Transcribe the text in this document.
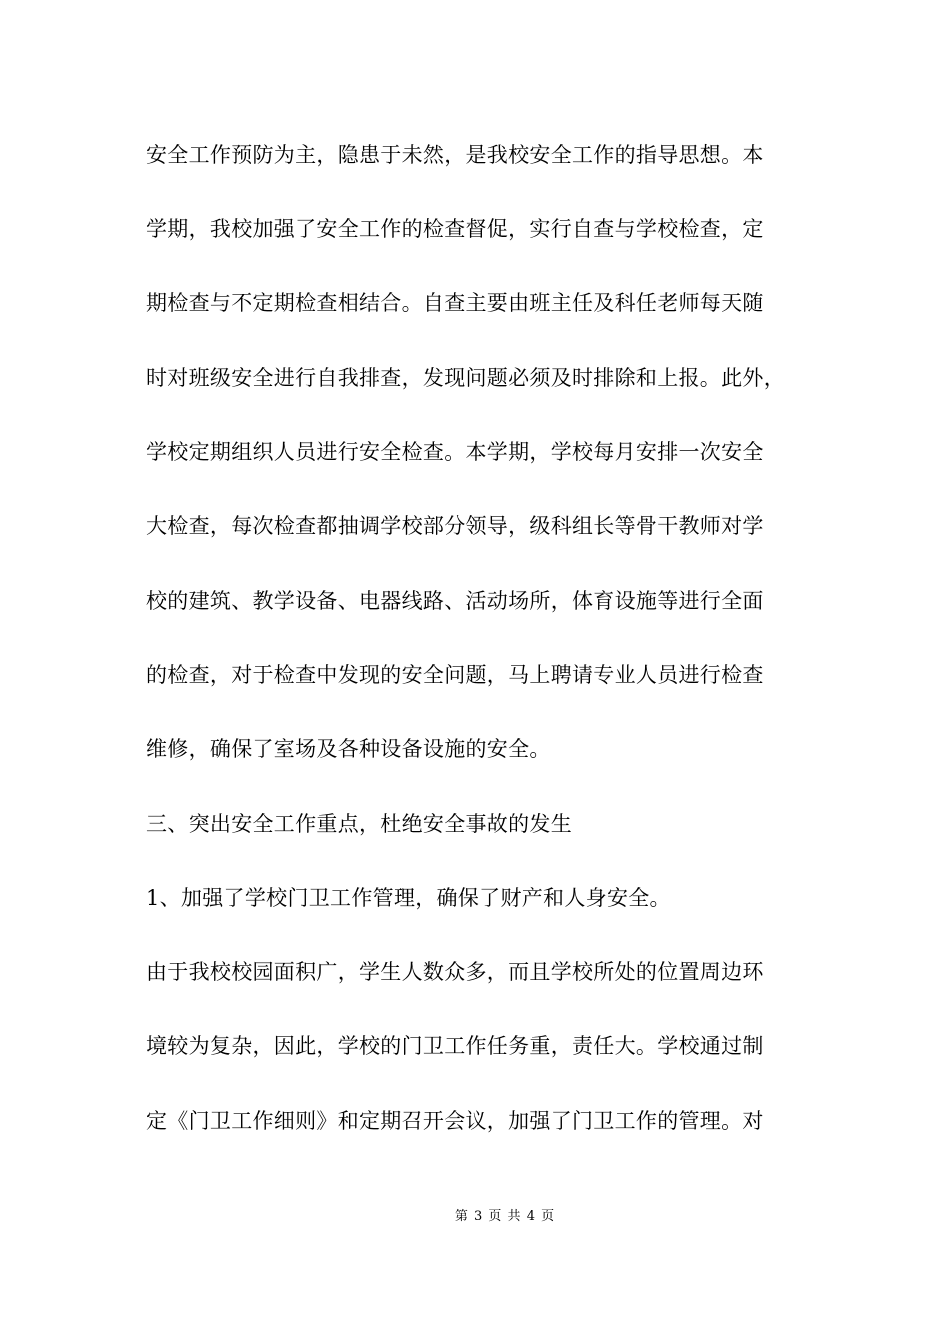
安全工作预防为主，隐患于未然，是我校安全工作的指导思想。本
学期，我校加强了安全工作的检查督促，实行自查与学校检查，定
期检查与不定期检查相结合。自查主要由班主任及科任老师每天随
时对班级安全进行自我排查，发现问题必须及时排除和上报。此外，
学校定期组织人员进行安全检查。本学期，学校每月安排一次安全
大检查，每次检查都抽调学校部分领导，级科组长等骨干教师对学
校的建筑、教学设备、电器线路、活动场所，体育设施等进行全面
的检查，对于检查中发现的安全问题，马上聘请专业人员进行检查
维修，确保了室场及各种设备设施的安全。
三、突出安全工作重点，杜绝安全事故的发生
1、加强了学校门卫工作管理，确保了财产和人身安全。
由于我校校园面积广，学生人数众多，而且学校所处的位置周边环
境较为复杂，因此，学校的门卫工作任务重，责任大。学校通过制
定《门卫工作细则》和定期召开会议，加强了门卫工作的管理。对
第 3 页 共 4 页
